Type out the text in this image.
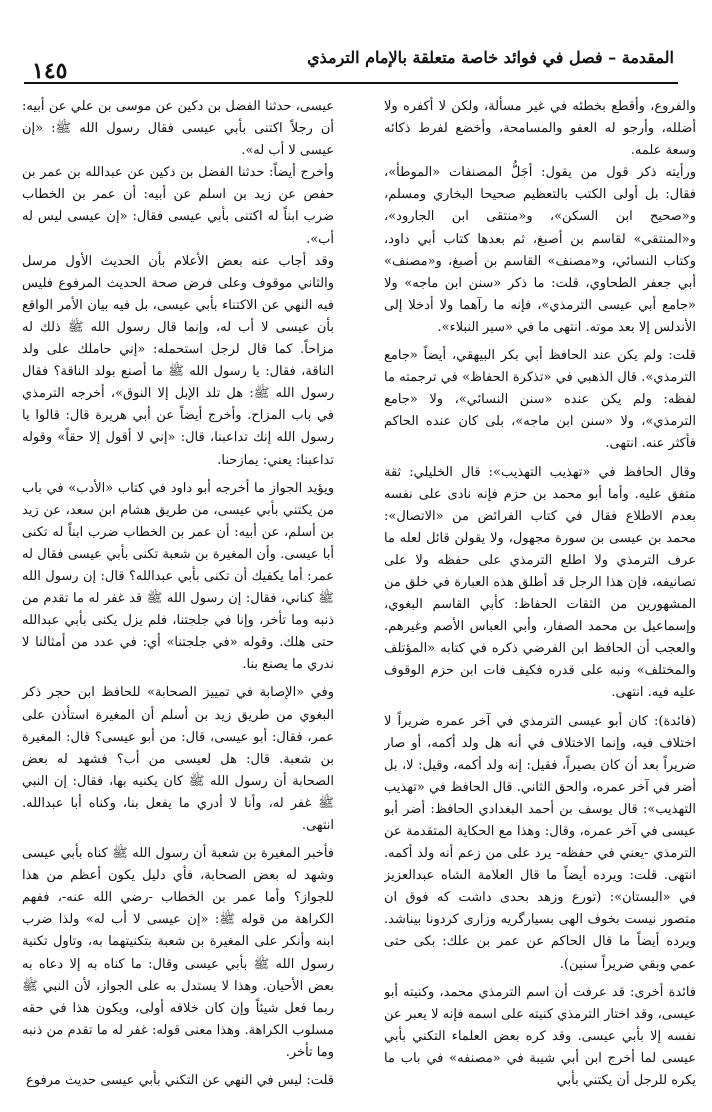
١٤٥
المقدمة – فصل في فوائد خاصة متعلقة بالإمام الترمذي

والفروع، وأقطع بخطئه في غير مسألة، ولكن لا أكفره ولا أضلله، وأرجو له العفو والمسامحة، وأخضع لفرط ذكائه وسعة علمه.

ورأيته ذكر قول من يقول: أجَلُّ المصنفات «الموطأ»، فقال: بل أولى الكتب بالتعظيم صحيحا البخاري ومسلم، و«صحيح ابن السكن»، و«منتقى ابن الجارود»، و«المنتقى» لقاسم بن أصبغ، ثم بعدها كتاب أبي داود، وكتاب النسائي، و«مصنف» القاسم بن أصبغ، و«مصنف» أبي جعفر الطحاوي، قلت: ما ذكر «سنن ابن ماجه» ولا «جامع أبي عيسى الترمذي»، فإنه ما رآهما ولا أدخلا إلى الأندلس إلا بعد موته. انتهى ما في «سير النبلاء».

قلت: ولم يكن عند الحافظ أبي بكر البيهقي، أيضاً «جامع الترمذي». قال الذهبي في «تذكرة الحفاظ» في ترجمته ما لفظه: ولم يكن عنده «سنن النسائي»، ولا «جامع الترمذي»، ولا «سنن ابن ماجه»، بلى كان عنده الحاكم فأكثر عنه. انتهى.

وقال الحافظ في «تهذيب التهذيب»: قال الخليلي: ثقة متفق عليه. وأما أبو محمد بن حزم فإنه نادى على نفسه بعدم الاطلاع فقال في كتاب الفرائض من «الاتصال»: محمد بن عيسى بن سورة مجهول، ولا يقولن قائل لعله ما عرف الترمذي ولا اطلع الترمذي على حفظه ولا على تصانيفه، فإن هذا الرجل قد أطلق هذه العبارة في خلق من المشهورين من الثقات الحفاظ: كأبي القاسم البغوي، وإسماعيل بن محمد الصفار، وأبي العباس الأصم وغيرهم. والعجب أن الحافظ ابن الفرضي ذكره في كتابه «المؤتلف والمختلف» ونبه على قدره فكيف فات ابن حزم الوقوف عليه فيه. انتهى.

(فائدة): كان أبو عيسى الترمذي في آخر عمره ضريراً لا اختلاف فيه، وإنما الاختلاف في أنه هل ولد أكمه، أو صار ضريراً بعد أن كان بصيراً، فقيل: إنه ولد أكمه، وقيل: لا، بل أضر في آخر عمره، والحق الثاني. قال الحافظ في «تهذيب التهذيب»: قال يوسف بن أحمد البغدادي الحافظ: أضر أبو عيسى في آخر عمره، وقال: وهذا مع الحكاية المتقدمة عن الترمذي -يعني في حفظه- يرد على من زعم أنه ولد أكمه. انتهى. قلت: ويرده أيضاً ما قال العلامة الشاه عبدالعزيز في «البستان»: (تورع وزهد بحدى داشت كه فوق ان متصور نيست بخوف الهى بسيارگريه وزارى كردونا بيناشد. ويرده أيضاً ما قال الحاكم عن عمر بن علك: بكى حتى عمي وبقي ضريراً سنين).

فائدة أخرى: قد عرفت أن اسم الترمذي محمد، وكنيته أبو عيسى، وقد اختار الترمذي كنيته على اسمه فإنه لا يعبر عن نفسه إلا بأبي عيسى. وقد كره بعض العلماء التكني بأبي عيسى لما أخرج ابن أبي شيبة في «مصنفه» في باب ما يكره للرجل أن يكتني بأبي

عيسى، حدثنا الفضل بن دكين عن موسى بن علي عن أبيه: أن رجلاً اكتنى بأبي عيسى فقال رسول الله ﷺ: «إن عيسى لا أب له».

وأخرج أيضاً: حدثنا الفضل بن دكين عن عبدالله بن عمر بن حفص عن زيد بن اسلم عن أبيه: أن عمر بن الخطاب ضرب ابناً له اكتنى بأبي عيسى فقال: «إن عيسى ليس له أب».

وقد أجاب عنه بعض الأعلام بأن الحديث الأول مرسل والثاني موقوف وعلى فرض صحة الحديث المرفوع فليس فيه النهي عن الاكتناء بأبي عيسى، بل فيه بيان الأمر الواقع بأن عيسى لا أب له، وإنما قال رسول الله ﷺ ذلك له مزاحاً. كما قال لرجل استحمله: «إني حاملك على ولد الناقة، فقال: يا رسول الله ﷺ ما أصنع بولد الناقة؟ فقال رسول الله ﷺ: هل تلد الإبل إلا النوق»، أخرجه الترمذي في باب المزاح. وأخرج أيضاً عن أبي هريرة قال: قالوا يا رسول الله إنك تداعبنا، قال: «إني لا أقول إلا حقاً» وقوله تداعبنا: يعني: يمازحنا.

ويؤيد الجواز ما أخرجه أبو داود في كتاب «الأدب» في باب من يكتني بأبي عيسى، من طريق هشام ابن سعد، عن زيد بن أسلم، عن أبيه: أن عمر بن الخطاب ضرب ابناً له تكنى أبا عيسى. وأن المغيرة بن شعبة تكنى بأبي عيسى فقال له عمر: أما يكفيك أن تكنى بأبي عبدالله؟ قال: إن رسول الله ﷺ كناني، فقال: إن رسول الله ﷺ قد غفر له ما تقدم من ذنبه وما تأخر، وإنا في جلجتنا، فلم يزل يكنى بأبي عبدالله حتى هلك. وقوله «في جلجتنا» أي: في عدد من أمثالنا لا ندري ما يصنع بنا.

وفي «الإصابة في تمييز الصحابة» للحافظ ابن حجر ذكر البغوي من طريق زيد بن أسلم أن المغيرة استأذن على عمر، فقال: أبو عيسى، قال: من أبو عيسى؟ قال: المغيرة بن شعبة. قال: هل لعيسى من أب؟ فشهد له بعض الصحابة أن رسول الله ﷺ كان يكنيه بها، فقال: إن النبي ﷺ غفر له، وأنا لا أدري ما يفعل بنا، وكناه أبا عبدالله. انتهى.

فأخبر المغيرة بن شعبة أن رسول الله ﷺ كناه بأبي عيسى وشهد له بعض الصحابة، فأي دليل يكون أعظم من هذا للجواز؟ وأما عمر بن الخطاب -رضي الله عنه-، ففهم الكراهة من قوله ﷺ: «إن عيسى لا أب له» ولذا ضرب ابنه وأنكر على المغيرة بن شعبة بتكنيتهما به، وتاول تكنية رسول الله ﷺ بأبي عيسى وقال: ما كناه به إلا دعاه به بعض الأحيان. وهذا لا يستدل به على الجواز، لأن النبي ﷺ ربما فعل شيئاً وإن كان خلافه أولى، ويكون هذا في حقه مسلوب الكراهة. وهذا معنى قوله: غفر له ما تقدم من ذنبه وما تأخر.

قلت: ليس في النهي عن التكني بأبي عيسى حديث مرفوع
